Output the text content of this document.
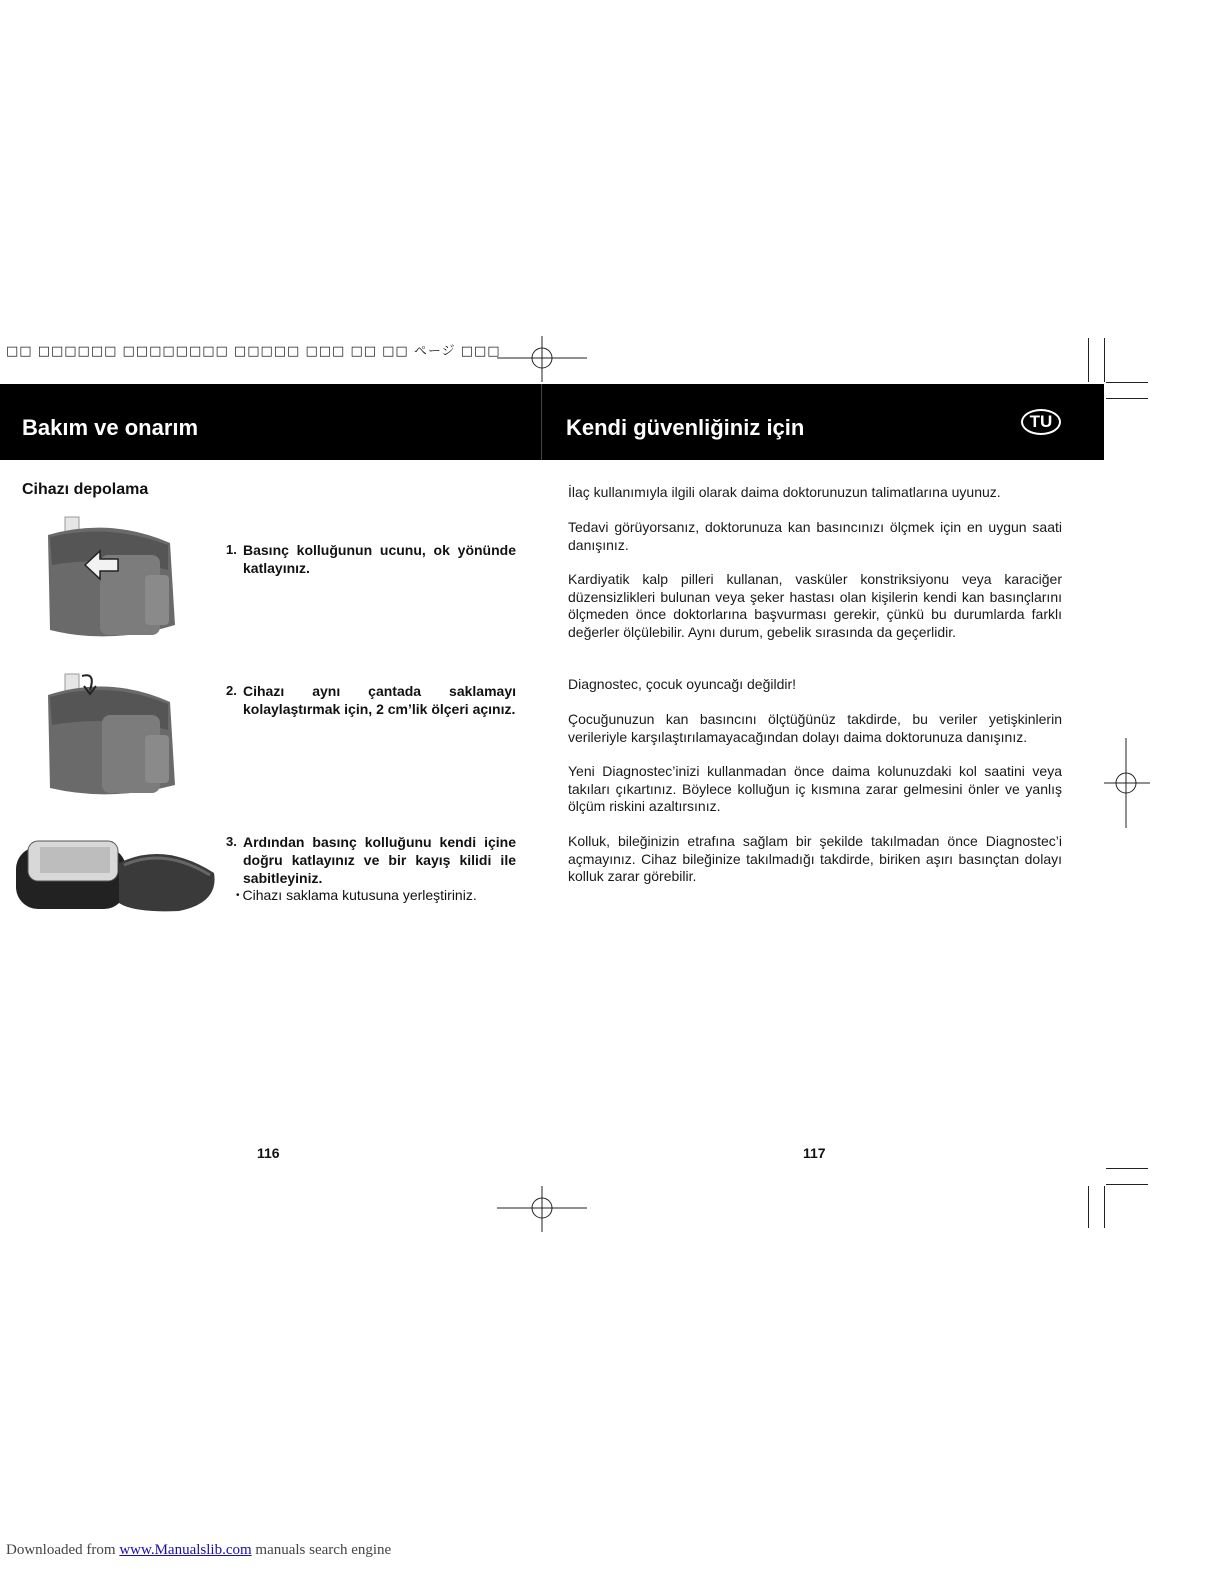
□□ □□□□□□ □□□□□□□□ □□□□□ □□□ □□ □□ ページ □□□
Bakım ve onarım	Kendi güvenliğiniz için	TU
Cihazı depolama
1. Basınç kolluğunun ucunu, ok yönünde katlayınız.
2. Cihazı aynı çantada saklamayı kolaylaştırmak için, 2 cm’lik ölçeri açınız.
3. Ardından basınç kolluğunu kendi içine doğru katlayınız ve bir kayış kilidi ile sabitleyiniz.
• Cihazı saklama kutusuna yerleştiriniz.
116
İlaç kullanımıyla ilgili olarak daima doktorunuzun talimatlarına uyunuz.
Tedavi görüyorsanız, doktorunuza kan basıncınızı ölçmek için en uygun saati danışınız.
Kardiyatik kalp pilleri kullanan, vasküler konstriksiyonu veya karaciğer düzensizlikleri bulunan veya şeker hastası olan kişilerin kendi kan basınçlarını ölçmeden önce doktorlarına başvurması gerekir, çünkü bu durumlarda farklı değerler ölçülebilir. Aynı durum, gebelik sırasında da geçerlidir.
Diagnostec, çocuk oyuncağı değildir!
Çocuğunuzun kan basıncını ölçtüğünüz takdirde, bu veriler yetişkinlerin verileriyle karşılaştırılamayacağından dolayı daima doktorunuza danışınız.
Yeni Diagnostec’inizi kullanmadan önce daima kolunuzdaki kol saatini veya takıları çıkartınız. Böylece kolluğun iç kısmına zarar gelmesini önler ve yanlış ölçüm riskini azaltırsınız.
Kolluk, bileğinizin etrafına sağlam bir şekilde takılmadan önce Diagnostec’i açmayınız. Cihaz bileğinize takılmadığı takdirde, biriken aşırı basınçtan dolayı kolluk zarar görebilir.
117
Downloaded from www.Manualslib.com manuals search engine
